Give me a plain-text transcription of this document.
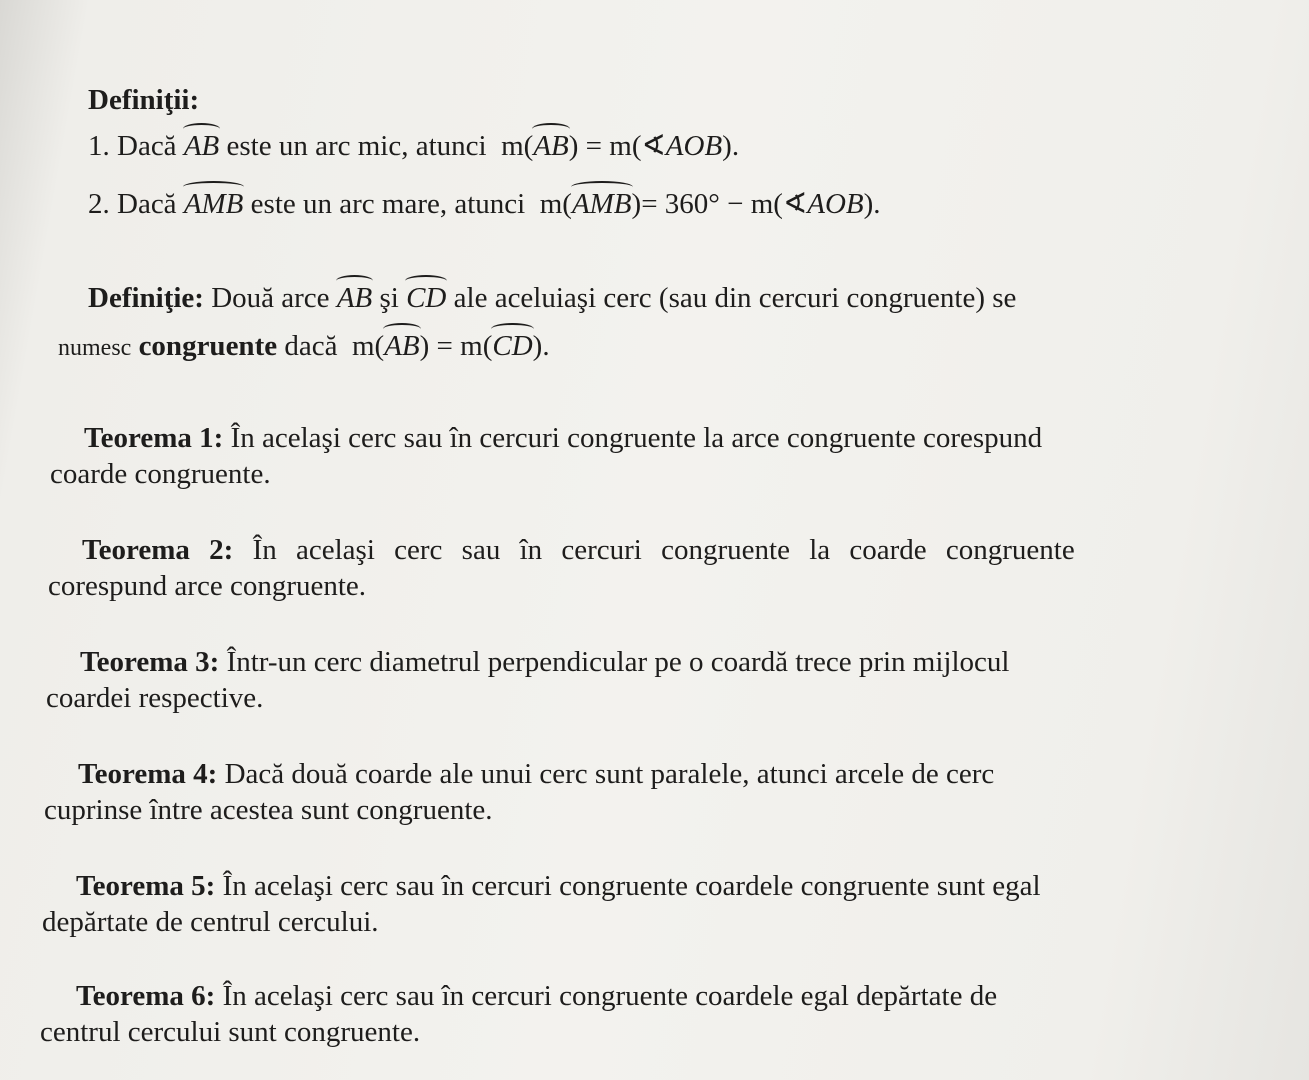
Definiţii:
1. Dacă AB este un arc mic, atunci m(AB) = m(∢AOB).
2. Dacă AMB este un arc mare, atunci m(AMB)= 360° − m(∢AOB).
Definiţie: Două arce AB şi CD ale aceluiaşi cerc (sau din cercuri congruente) se
numesc congruente dacă m(AB) = m(CD).
Teorema 1: În acelaşi cerc sau în cercuri congruente la arce congruente corespund
coarde congruente.
Teorema 2: În acelaşi cerc sau în cercuri congruente la coarde congruente
corespund arce congruente.
Teorema 3: Într-un cerc diametrul perpendicular pe o coardă trece prin mijlocul
coardei respective.
Teorema 4: Dacă două coarde ale unui cerc sunt paralele, atunci arcele de cerc
cuprinse între acestea sunt congruente.
Teorema 5: În acelaşi cerc sau în cercuri congruente coardele congruente sunt egal
depărtate de centrul cercului.
Teorema 6: În acelaşi cerc sau în cercuri congruente coardele egal depărtate de
centrul cercului sunt congruente.
